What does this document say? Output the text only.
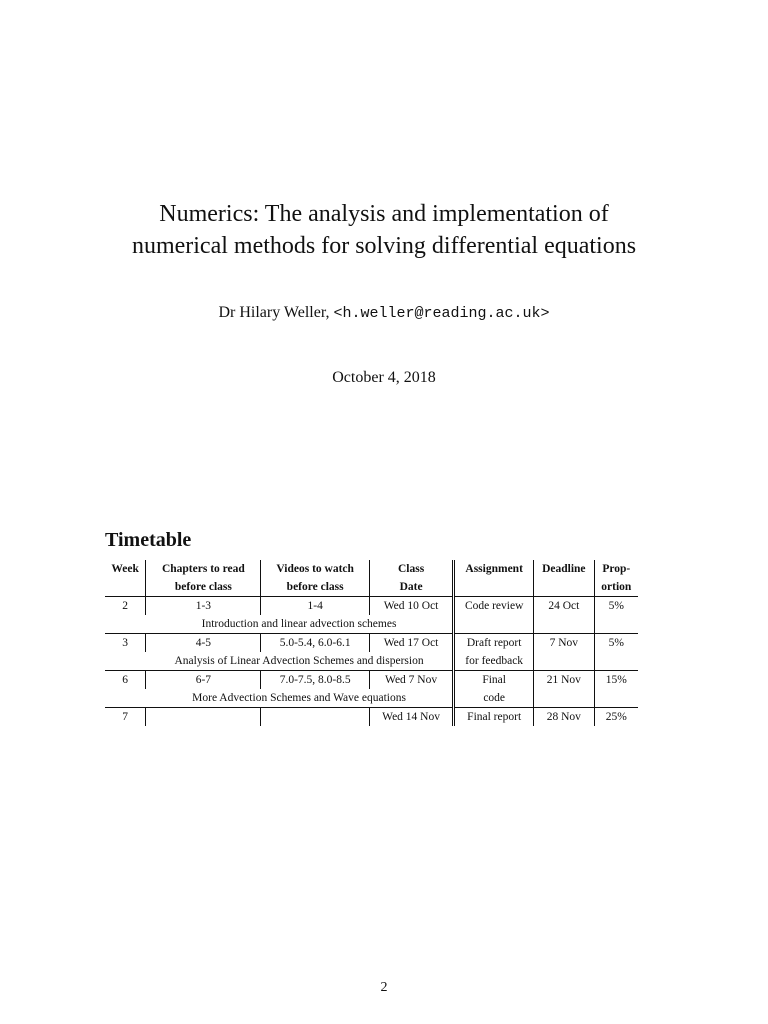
Numerics: The analysis and implementation of
numerical methods for solving differential equations
Dr Hilary Weller, <h.weller@reading.ac.uk>
October 4, 2018
Timetable
Week	Chapters to read	Videos to watch	Class	Assignment	Deadline	Prop-
	before class	before class	Date			ortion
2	1-3	1-4	Wed 10 Oct	Code review	24 Oct	5%
	Introduction and linear advection schemes					
3	4-5	5.0-5.4, 6.0-6.1	Wed 17 Oct	Draft report	7 Nov	5%
	Analysis of Linear Advection Schemes and dispersion			for feedback		
6	6-7	7.0-7.5, 8.0-8.5	Wed 7 Nov	Final	21 Nov	15%
	More Advection Schemes and Wave equations			code		
7			Wed 14 Nov	Final report	28 Nov	25%
2
